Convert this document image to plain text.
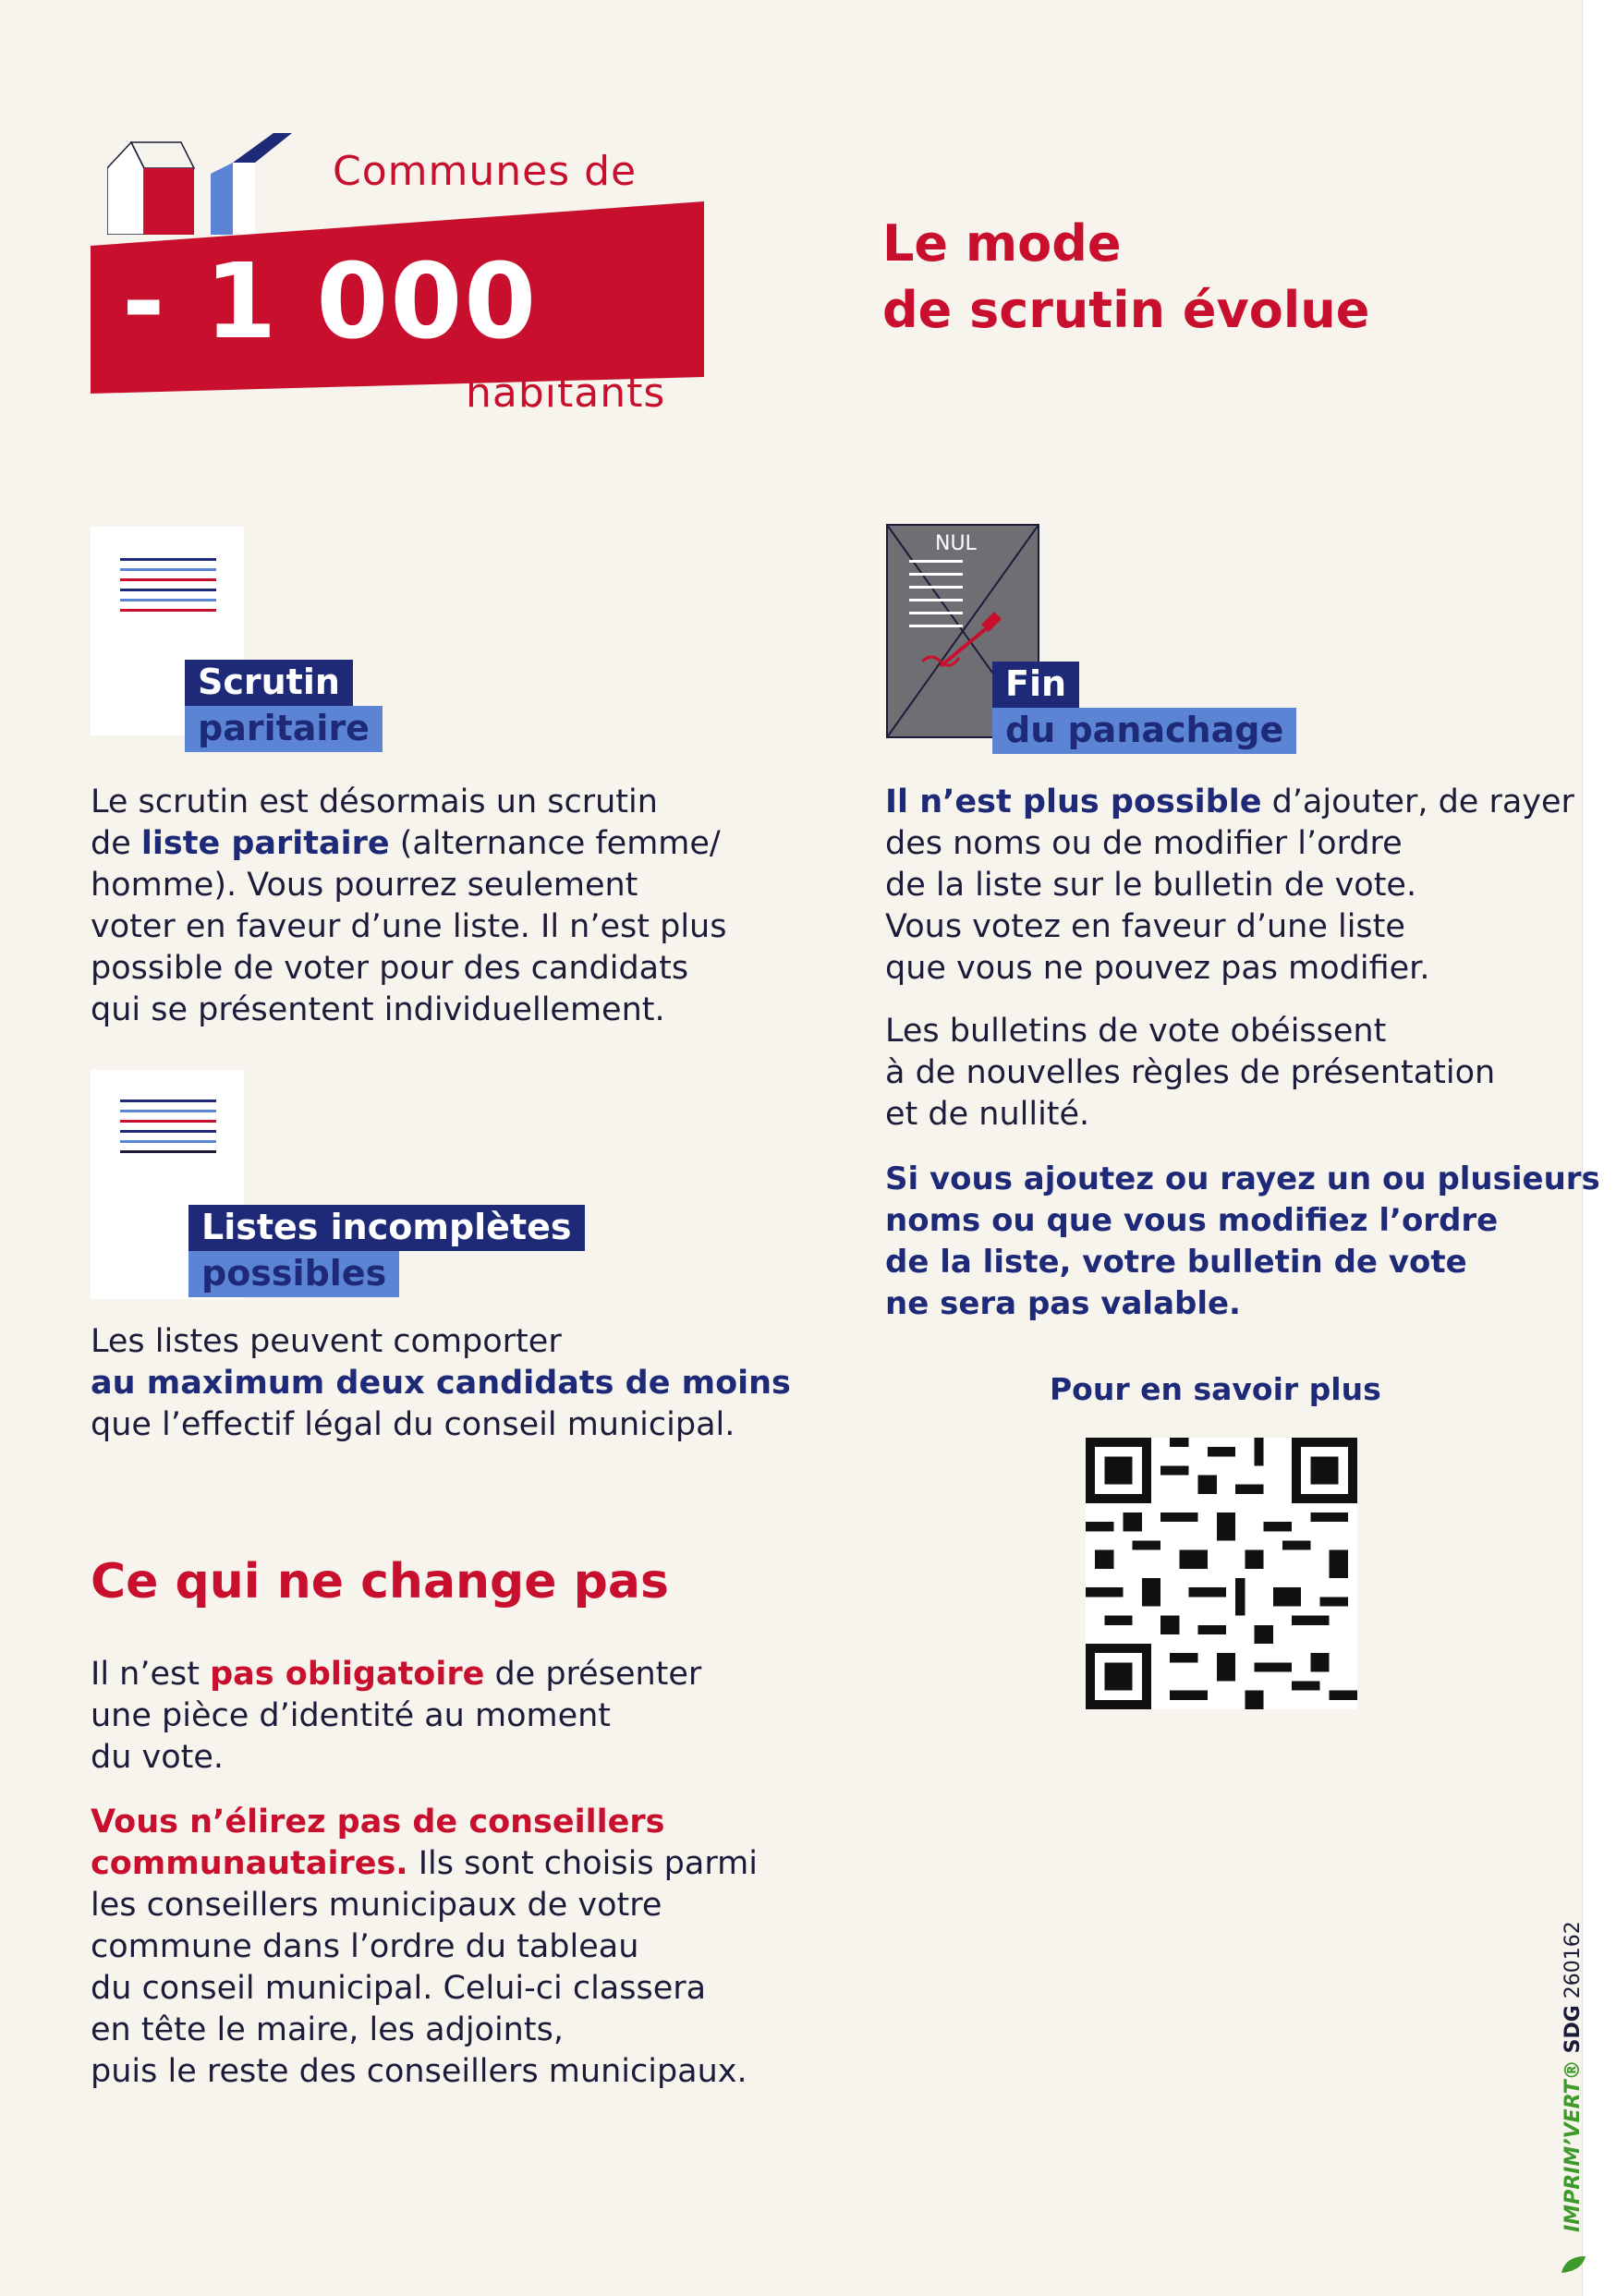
Communes de
- 1 000
habitants
Le mode
de scrutin évolue
Scrutin
paritaire
Le scrutin est désormais un scrutin
de liste paritaire (alternance femme/
homme). Vous pourrez seulement
voter en faveur d’une liste. Il n’est plus
possible de voter pour des candidats
qui se présentent individuellement.
Listes incomplètes
possibles
Les listes peuvent comporter
au maximum deux candidats de moins
que l’effectif légal du conseil municipal.
NUL
Fin
du panachage
Il n’est plus possible d’ajouter, de rayer
des noms ou de modifier l’ordre
de la liste sur le bulletin de vote.
Vous votez en faveur d’une liste
que vous ne pouvez pas modifier.
Les bulletins de vote obéissent
à de nouvelles règles de présentation
et de nullité.
Si vous ajoutez ou rayez un ou plusieurs
noms ou que vous modifiez l’ordre
de la liste, votre bulletin de vote
ne sera pas valable.
Pour en savoir plus
Ce qui ne change pas
Il n’est pas obligatoire de présenter
une pièce d’identité au moment
du vote.
Vous n’élirez pas de conseillers
communautaires. Ils sont choisis parmi
les conseillers municipaux de votre
commune dans l’ordre du tableau
du conseil municipal. Celui-ci classera
en tête le maire, les adjoints,
puis le reste des conseillers municipaux.	IMPRIM’VERT® SDG 260162
